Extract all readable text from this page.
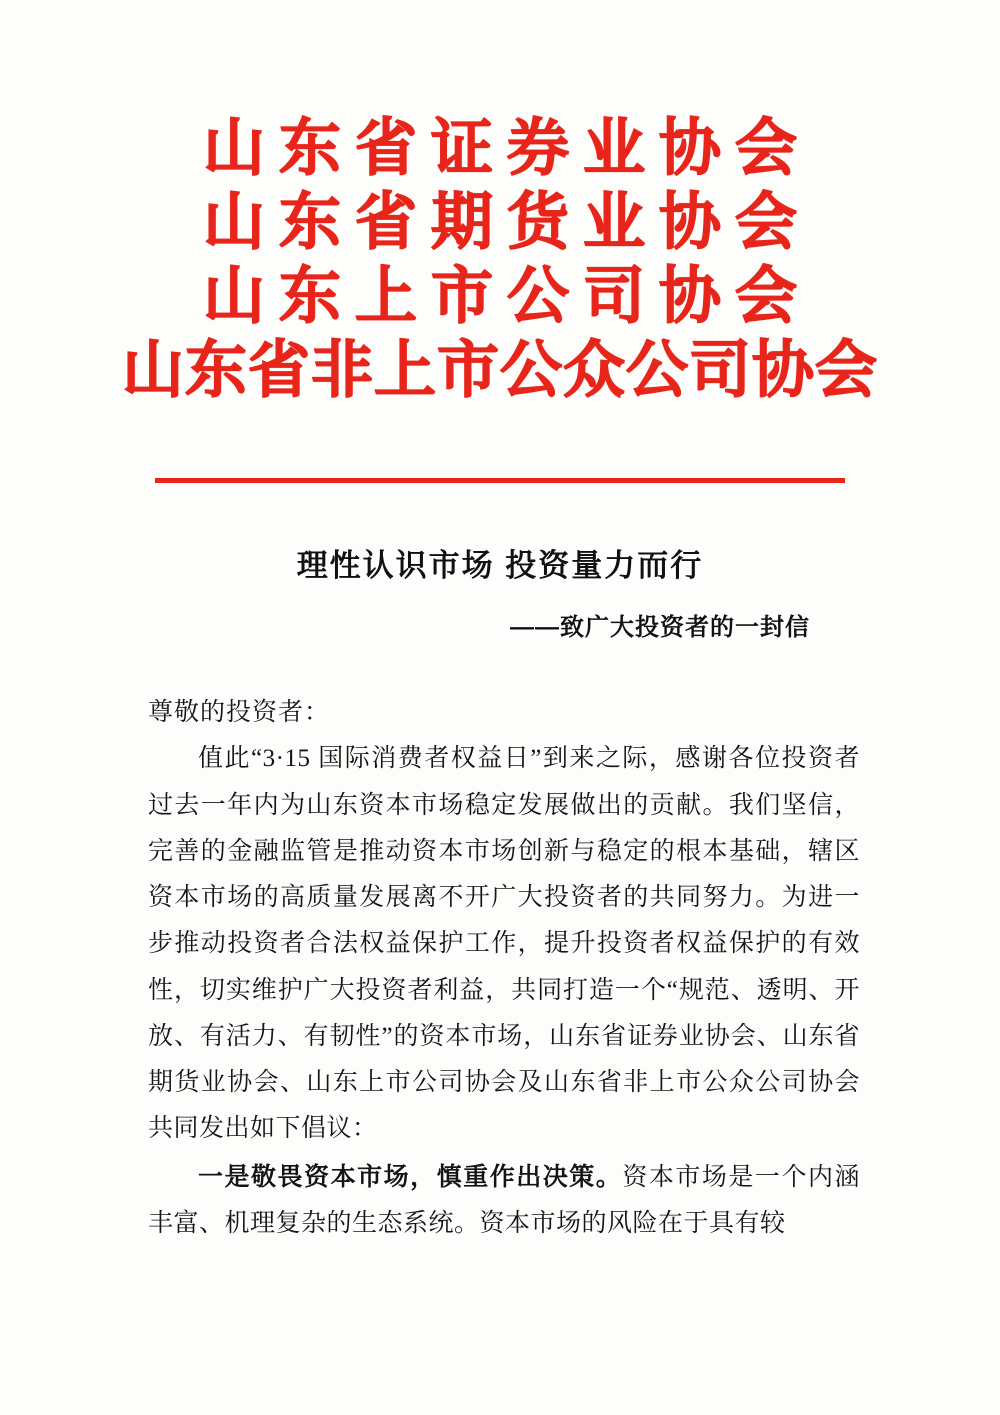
山东省证券业协会
山东省期货业协会
山东上市公司协会
山东省非上市公众公司协会
理性认识市场 投资量力而行
——致广大投资者的一封信
尊敬的投资者：

值此“3·15 国际消费者权益日”到来之际，感谢各位投资者过去一年内为山东资本市场稳定发展做出的贡献。我们坚信，完善的金融监管是推动资本市场创新与稳定的根本基础，辖区资本市场的高质量发展离不开广大投资者的共同努力。为进一步推动投资者合法权益保护工作，提升投资者权益保护的有效性，切实维护广大投资者利益，共同打造一个“规范、透明、开放、有活力、有韧性”的资本市场，山东省证券业协会、山东省期货业协会、山东上市公司协会及山东省非上市公众公司协会共同发出如下倡议：

一是敬畏资本市场，慎重作出决策。资本市场是一个内涵丰富、机理复杂的生态系统。资本市场的风险在于具有较
